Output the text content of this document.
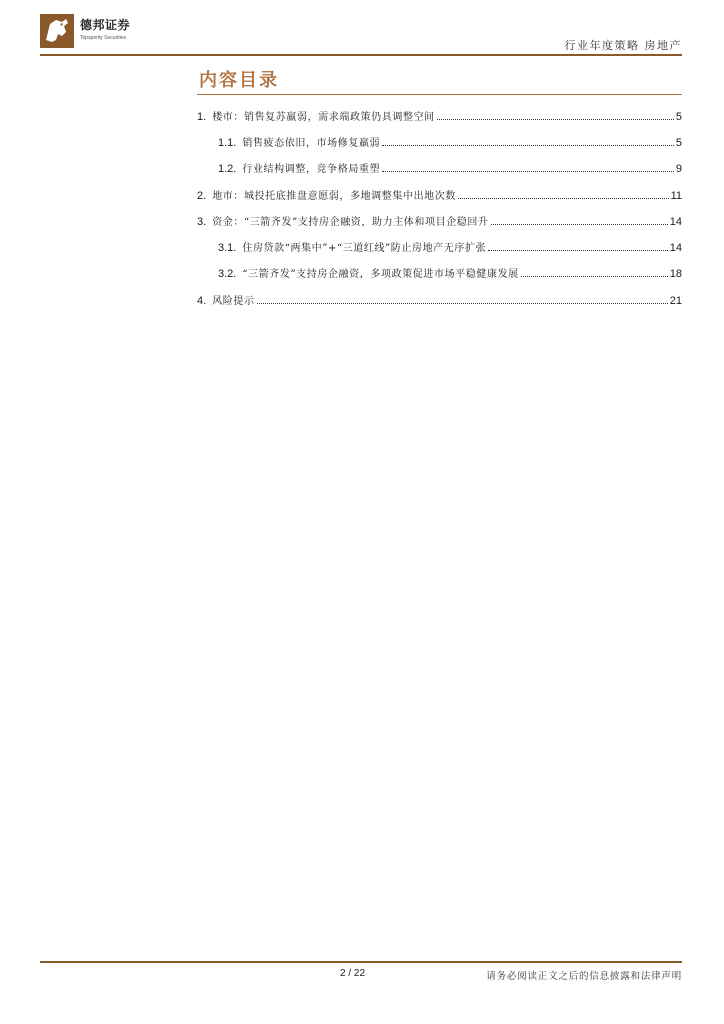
德邦证券
Topsperity Securities
行业年度策略 房地产
内容目录
1. 楼市：销售复苏羸弱，需求端政策仍具调整空间	5
1.1. 销售疲态依旧，市场修复羸弱	5
1.2. 行业结构调整，竞争格局重塑	9
2. 地市：城投托底推盘意愿弱，多地调整集中出地次数	11
3. 资金：“三箭齐发”支持房企融资，助力主体和项目企稳回升	14
3.1. 住房贷款“两集中”+“三道红线”防止房地产无序扩张	14
3.2. “三箭齐发”支持房企融资，多项政策促进市场平稳健康发展	18
4. 风险提示	21
2 / 22	请务必阅读正文之后的信息披露和法律声明
